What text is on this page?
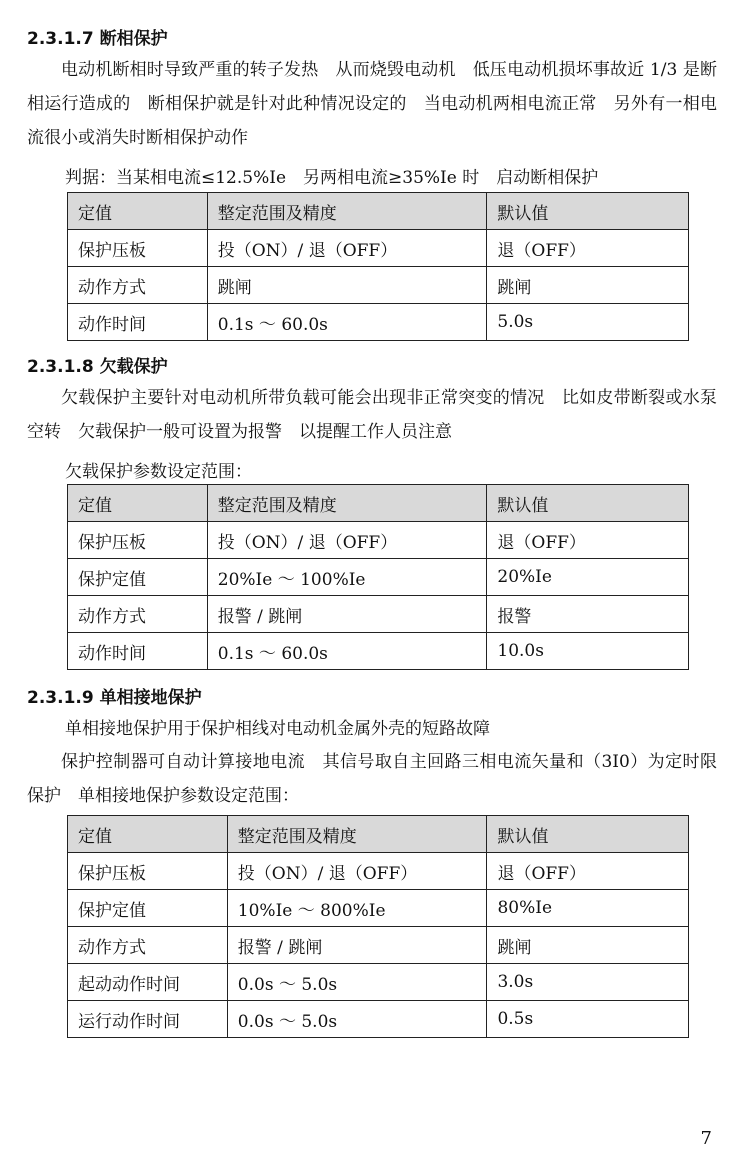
2.3.1.7 断相保护
电动机断相时导致严重的转子发热　从而烧毁电动机　低压电动机损坏事故近 1/3 是断相运行造成的　断相保护就是针对此种情况设定的　当电动机两相电流正常　另外有一相电流很小或消失时断相保护动作
判据：当某相电流≤12.5%Ie　另两相电流≥35%Ie 时　启动断相保护
定值	整定范围及精度	默认值
保护压板	投（ON）/ 退（OFF）	退（OFF）
动作方式	跳闸	跳闸
动作时间	0.1s ～ 60.0s	5.0s
2.3.1.8 欠载保护
欠载保护主要针对电动机所带负载可能会出现非正常突变的情况　比如皮带断裂或水泵空转　欠载保护一般可设置为报警　以提醒工作人员注意
欠载保护参数设定范围：
定值	整定范围及精度	默认值
保护压板	投（ON）/ 退（OFF）	退（OFF）
保护定值	20%Ie ～ 100%Ie	20%Ie
动作方式	报警 / 跳闸	报警
动作时间	0.1s ～ 60.0s	10.0s
2.3.1.9 单相接地保护
单相接地保护用于保护相线对电动机金属外壳的短路故障
保护控制器可自动计算接地电流　其信号取自主回路三相电流矢量和（3I0）为定时限保护　单相接地保护参数设定范围：
定值	整定范围及精度	默认值
保护压板	投（ON）/ 退（OFF）	退（OFF）
保护定值	10%Ie ～ 800%Ie	80%Ie
动作方式	报警 / 跳闸	跳闸
起动动作时间	0.0s ～ 5.0s	3.0s
运行动作时间	0.0s ～ 5.0s	0.5s
7
